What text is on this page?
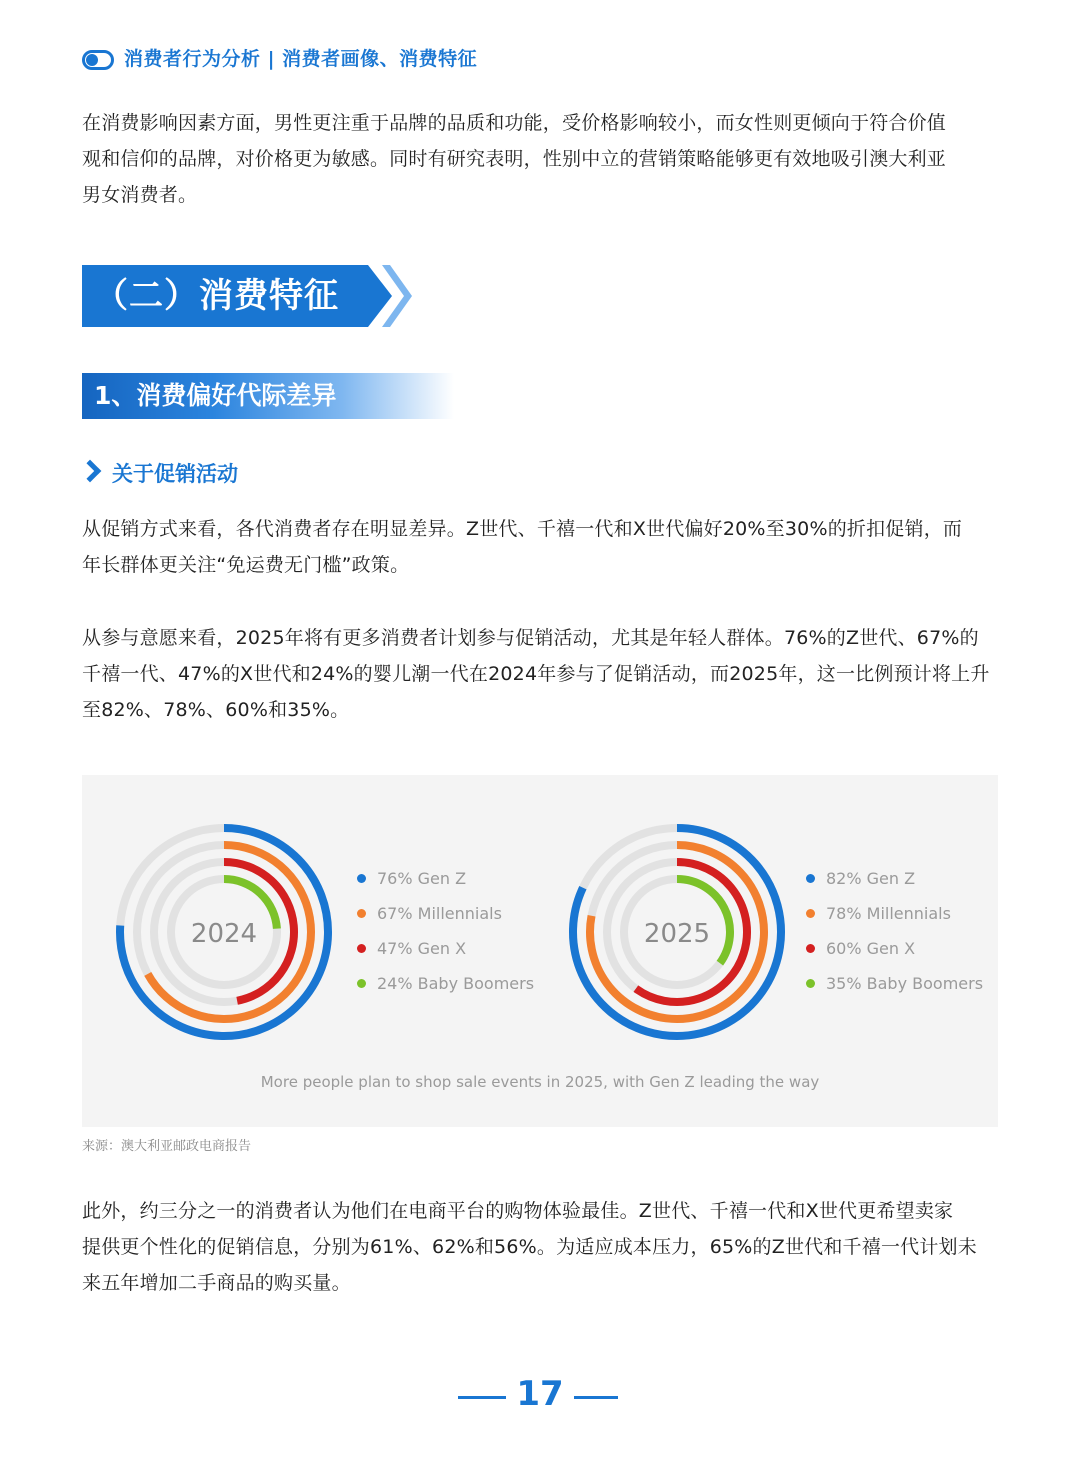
消费者行为分析 | 消费者画像、消费特征

在消费影响因素方面，男性更注重于品牌的品质和功能，受价格影响较小，而女性则更倾向于符合价值

观和信仰的品牌，对价格更为敏感。同时有研究表明，性别中立的营销策略能够更有效地吸引澳大利亚

男女消费者。

（二）消费特征
1、消费偏好代际差异
关于促销活动

从促销方式来看，各代消费者存在明显差异。Z世代、千禧一代和X世代偏好20%至30%的折扣促销，而

年长群体更关注“免运费无门槛”政策。

从参与意愿来看，2025年将有更多消费者计划参与促销活动，尤其是年轻人群体。76%的Z世代、67%的

千禧一代、47%的X世代和24%的婴儿潮一代在2024年参与了促销活动，而2025年，这一比例预计将上升

至82%、78%、60%和35%。

2024	2025
76% Gen Z
67% Millennials
47% Gen X
24% Baby Boomers
82% Gen Z
78% Millennials
60% Gen X
35% Baby Boomers
More people plan to shop sale events in 2025, with Gen Z leading the way
来源：澳大利亚邮政电商报告

此外，约三分之一的消费者认为他们在电商平台的购物体验最佳。Z世代、千禧一代和X世代更希望卖家

提供更个性化的促销信息，分别为61%、62%和56%。为适应成本压力，65%的Z世代和千禧一代计划未

来五年增加二手商品的购买量。

17
